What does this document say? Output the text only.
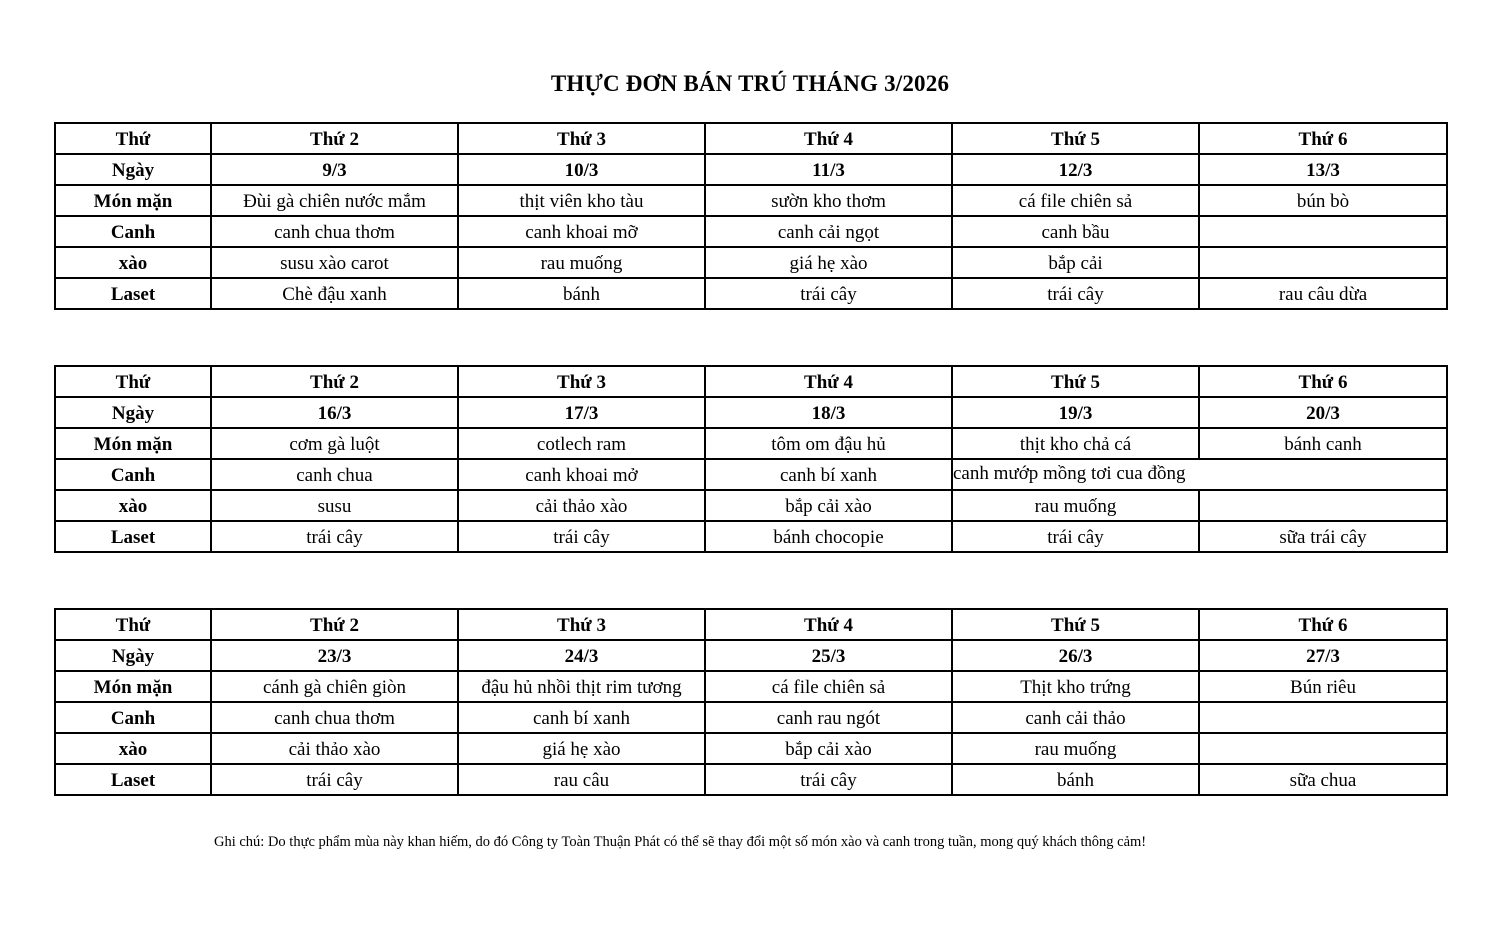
THỰC ĐƠN BÁN TRÚ THÁNG 3/2026
Thứ	Thứ 2	Thứ 3	Thứ 4	Thứ 5	Thứ 6
Ngày	9/3	10/3	11/3	12/3	13/3
Món mặn	Đùi gà chiên nước mắm	thịt viên kho tàu	sườn kho thơm	cá file chiên sả	bún bò
Canh	canh chua thơm	canh khoai mỡ	canh cải ngọt	canh bầu	
xào	susu xào carot	rau muống	giá hẹ xào	bắp cải	
Laset	Chè đậu xanh	bánh	trái cây	trái cây	rau câu dừa
Thứ	Thứ 2	Thứ 3	Thứ 4	Thứ 5	Thứ 6
Ngày	16/3	17/3	18/3	19/3	20/3
Món mặn	cơm gà luột	cotlech ram	tôm om đậu hủ	thịt kho chả cá	bánh canh
Canh	canh chua	canh khoai mở	canh bí xanh	canh mướp mồng tơi cua đồng	

xào	susu	cải thảo xào	bắp cải xào	rau muống	
Laset	trái cây	trái cây	bánh chocopie	trái cây	sữa trái cây
Thứ	Thứ 2	Thứ 3	Thứ 4	Thứ 5	Thứ 6
Ngày	23/3	24/3	25/3	26/3	27/3
Món mặn	cánh gà chiên giòn	đậu hủ nhồi thịt rim tương	cá file chiên sả	Thịt kho trứng	Bún riêu
Canh	canh chua thơm	canh bí xanh	canh rau ngót	canh cải thảo	
xào	cải thảo xào	giá hẹ xào	bắp cải xào	rau muống	
Laset	trái cây	rau câu	trái cây	bánh	sữa chua
Ghi chú: Do thực phẩm mùa này khan hiếm, do đó Công ty Toàn Thuận Phát có thể sẽ thay đổi một số món xào và canh trong tuần, mong quý khách thông cảm!
